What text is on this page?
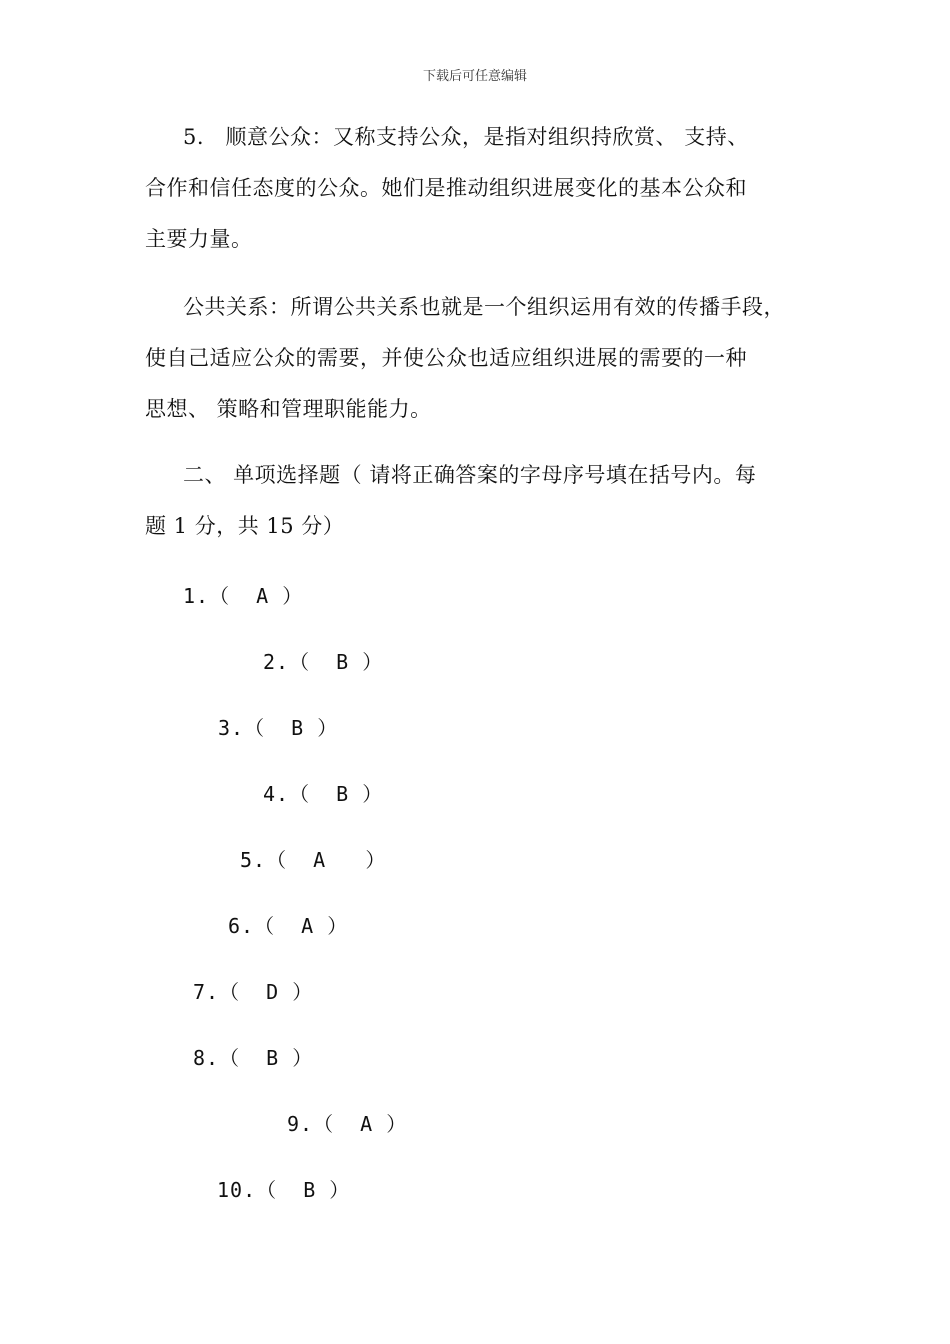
下载后可任意编辑
5.　顺意公众：又称支持公众，是指对组织持欣赏、 支持、
合作和信任态度的公众。她们是推动组织进展变化的基本公众和
主要力量。
公共关系：所谓公共关系也就是一个组织运用有效的传播手段，
使自己适应公众的需要，并使公众也适应组织进展的需要的一种
思想、 策略和管理职能能力。
二、 单项选择题（ 请将正确答案的字母序号填在括号内。每
题 1 分，共 15 分）
1.（  A ）
2.（  B ）
3.（  B ）
4.（  B ）
5.（  A   ）
6.（  A ）
7.（  D ）
8.（  B ）
9.（  A ）
10.（  B ）
